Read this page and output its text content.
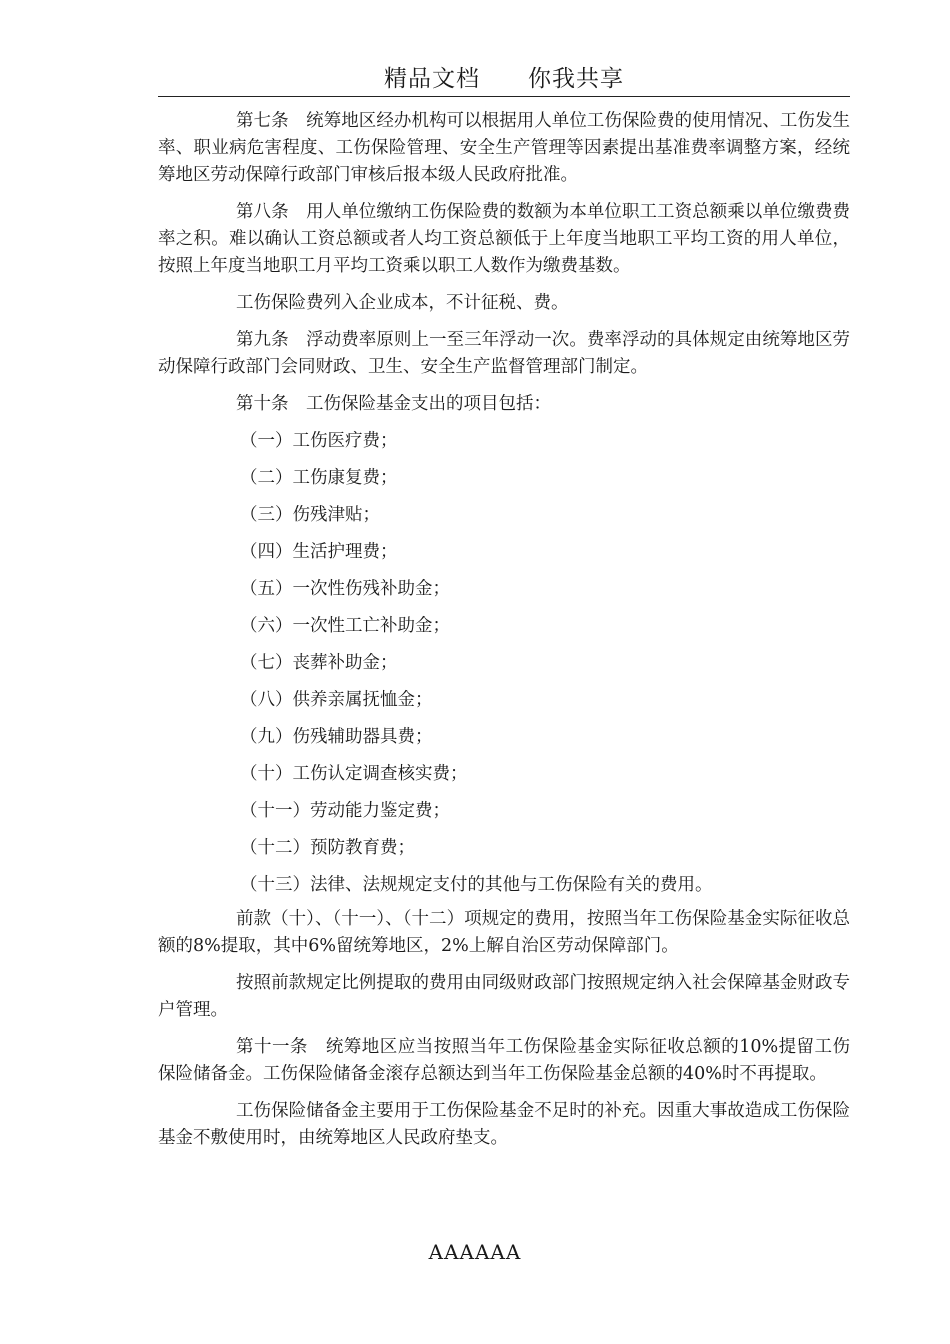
精品文档 你我共享

第七条　统筹地区经办机构可以根据用人单位工伤保险费的使用情况、工伤发生率、职业病危害程度、工伤保险管理、安全生产管理等因素提出基准费率调整方案，经统筹地区劳动保障行政部门审核后报本级人民政府批准。

第八条　用人单位缴纳工伤保险费的数额为本单位职工工资总额乘以单位缴费费率之积。难以确认工资总额或者人均工资总额低于上年度当地职工平均工资的用人单位，按照上年度当地职工月平均工资乘以职工人数作为缴费基数。

工伤保险费列入企业成本，不计征税、费。

第九条　浮动费率原则上一至三年浮动一次。费率浮动的具体规定由统筹地区劳动保障行政部门会同财政、卫生、安全生产监督管理部门制定。

第十条　工伤保险基金支出的项目包括：

（一）工伤医疗费；

（二）工伤康复费；

（三）伤残津贴；

（四）生活护理费；

（五）一次性伤残补助金；

（六）一次性工亡补助金；

（七）丧葬补助金；

（八）供养亲属抚恤金；

（九）伤残辅助器具费；

（十）工伤认定调查核实费；

（十一）劳动能力鉴定费；

（十二）预防教育费；

（十三）法律、法规规定支付的其他与工伤保险有关的费用。

前款（十）、（十一）、（十二）项规定的费用，按照当年工伤保险基金实际征收总额的8%提取，其中6%留统筹地区，2%上解自治区劳动保障部门。

按照前款规定比例提取的费用由同级财政部门按照规定纳入社会保障基金财政专户管理。

第十一条　统筹地区应当按照当年工伤保险基金实际征收总额的10%提留工伤保险储备金。工伤保险储备金滚存总额达到当年工伤保险基金总额的40%时不再提取。

工伤保险储备金主要用于工伤保险基金不足时的补充。因重大事故造成工伤保险基金不敷使用时，由统筹地区人民政府垫支。

AAAAAA
